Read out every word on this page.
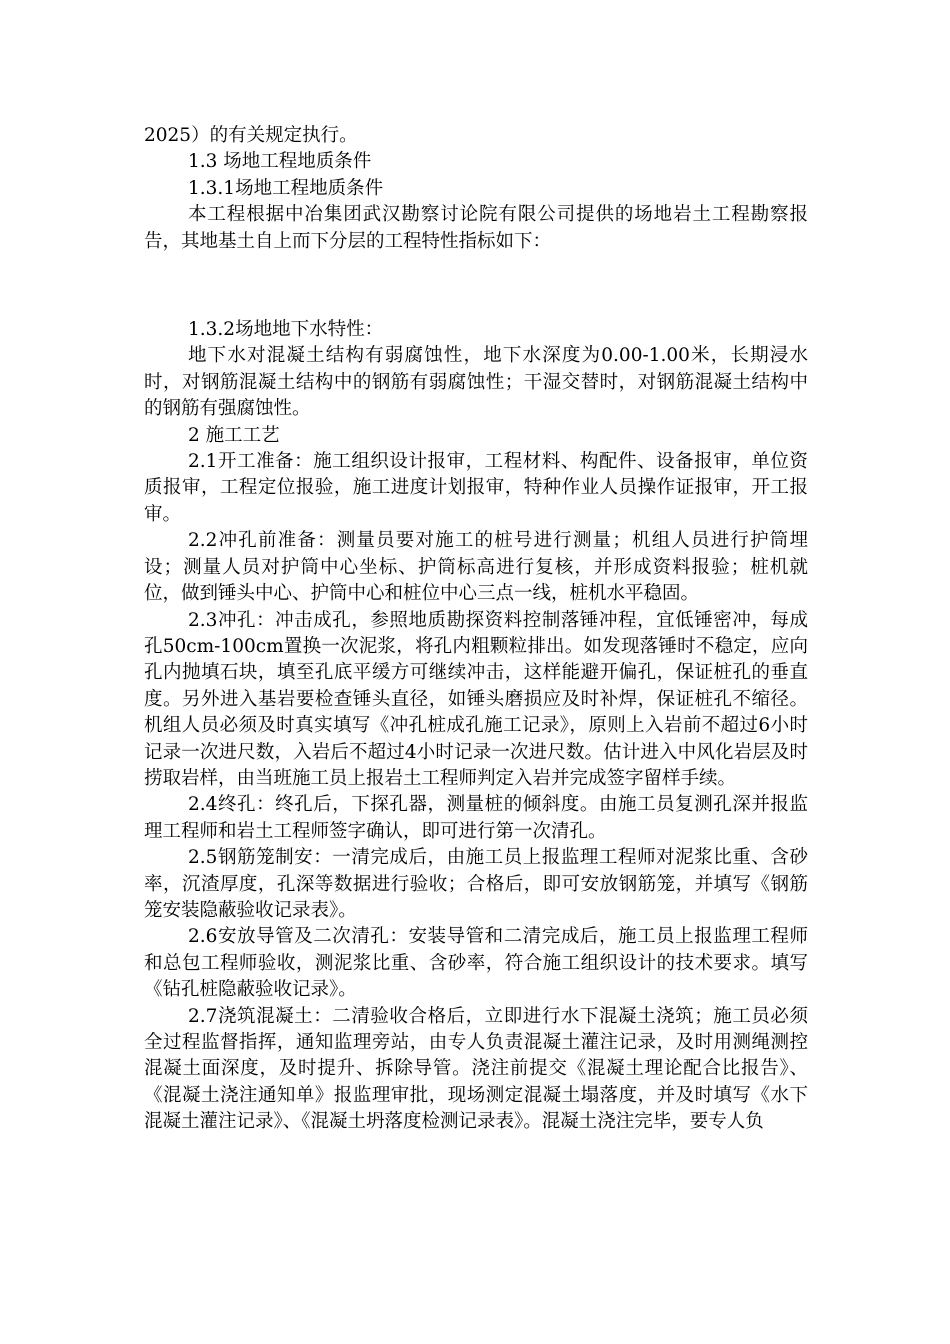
2025）的有关规定执行。

1.3 场地工程地质条件

1.3.1场地工程地质条件

本工程根据中冶集团武汉勘察讨论院有限公司提供的场地岩土工程勘察报告，其地基土自上而下分层的工程特性指标如下：

1.3.2场地地下水特性：

地下水对混凝土结构有弱腐蚀性，地下水深度为0.00-1.00米，长期浸水时，对钢筋混凝土结构中的钢筋有弱腐蚀性；干湿交替时，对钢筋混凝土结构中的钢筋有强腐蚀性。

2 施工工艺

2.1开工准备：施工组织设计报审，工程材料、构配件、设备报审，单位资质报审，工程定位报验，施工进度计划报审，特种作业人员操作证报审，开工报审。

2.2冲孔前准备：测量员要对施工的桩号进行测量；机组人员进行护筒埋设；测量人员对护筒中心坐标、护筒标高进行复核，并形成资料报验；桩机就位，做到锤头中心、护筒中心和桩位中心三点一线，桩机水平稳固。

2.3冲孔：冲击成孔，参照地质勘探资料控制落锤冲程，宜低锤密冲，每成孔50cm-100cm置换一次泥浆，将孔内粗颗粒排出。如发现落锤时不稳定，应向孔内抛填石块，填至孔底平缓方可继续冲击，这样能避开偏孔，保证桩孔的垂直度。另外进入基岩要检查锤头直径，如锤头磨损应及时补焊，保证桩孔不缩径。机组人员必须及时真实填写《冲孔桩成孔施工记录》，原则上入岩前不超过6小时记录一次进尺数，入岩后不超过4小时记录一次进尺数。估计进入中风化岩层及时捞取岩样，由当班施工员上报岩土工程师判定入岩并完成签字留样手续。

2.4终孔：终孔后，下探孔器，测量桩的倾斜度。由施工员复测孔深并报监理工程师和岩土工程师签字确认，即可进行第一次清孔。

2.5钢筋笼制安：一清完成后，由施工员上报监理工程师对泥浆比重、含砂率，沉渣厚度，孔深等数据进行验收；合格后，即可安放钢筋笼，并填写《钢筋笼安装隐蔽验收记录表》。

2.6安放导管及二次清孔：安装导管和二清完成后，施工员上报监理工程师和总包工程师验收，测泥浆比重、含砂率，符合施工组织设计的技术要求。填写《钻孔桩隐蔽验收记录》。

2.7浇筑混凝土：二清验收合格后，立即进行水下混凝土浇筑；施工员必须全过程监督指挥，通知监理旁站，由专人负责混凝土灌注记录，及时用测绳测控混凝土面深度，及时提升、拆除导管。浇注前提交《混凝土理论配合比报告》、《混凝土浇注通知单》报监理审批，现场测定混凝土塌落度，并及时填写《水下混凝土灌注记录》、《混凝土坍落度检测记录表》。混凝土浇注完毕，要专人负
